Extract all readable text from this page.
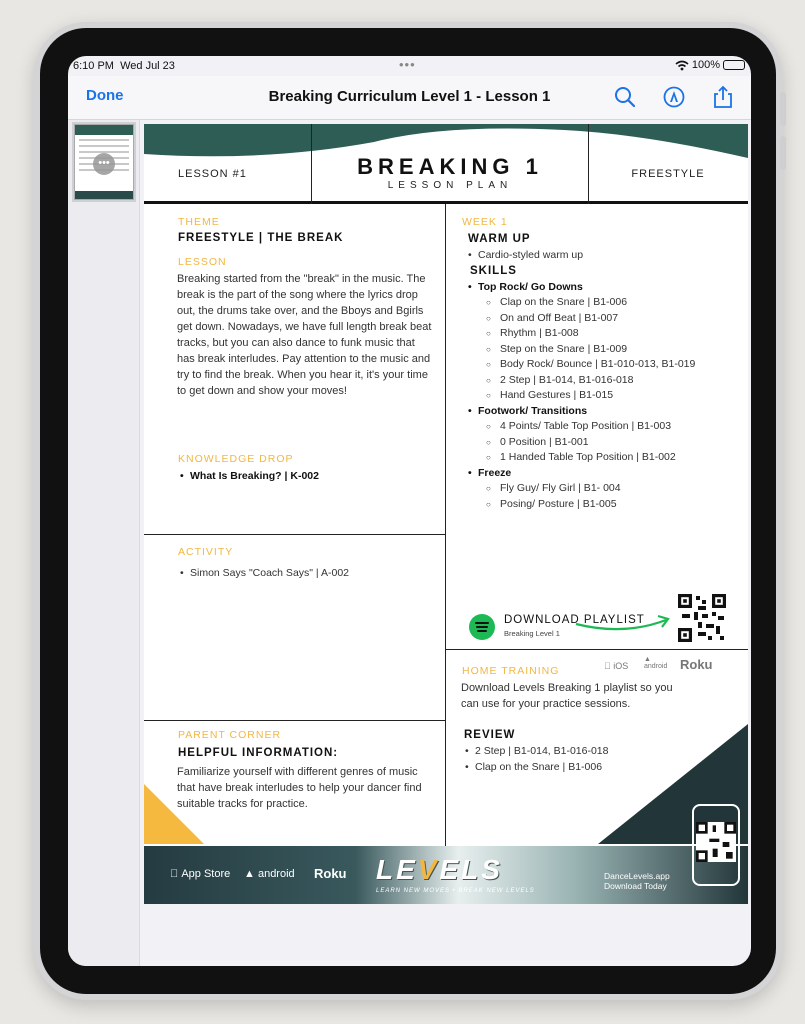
6:10 PM Wed Jul 23	•••	100%
Done	Breaking Curriculum Level 1 - Lesson 1
•••
LESSON #1	BREAKING 1
LESSON PLAN
FREESTYLE
THEME
FREESTYLE | THE BREAK
LESSON
Breaking started from the "break" in the music. The break is the part of the song where the lyrics drop out, the drums take over, and the Bboys and Bgirls get down. Nowadays, we have full length break beat tracks, but you can also dance to funk music that has break interludes. Pay attention to the music and try to find the break. When you hear it, it's your time to get down and show your moves!
KNOWLEDGE DROP
• What Is Breaking? | K-002
ACTIVITY
• Simon Says "Coach Says" | A-002
PARENT CORNER
HELPFUL INFORMATION:
Familiarize yourself with different genres of music that have break interludes to help your dancer find suitable tracks for practice.
WEEK 1
WARM UP
• Cardio-styled warm up
SKILLS
• Top Rock/ Go Downs
○ Clap on the Snare | B1-006
○ On and Off Beat | B1-007
○ Rhythm | B1-008
○ Step on the Snare | B1-009
○ Body Rock/ Bounce | B1-010-013, B1-019
○ 2 Step | B1-014, B1-016-018
○ Hand Gestures | B1-015
• Footwork/ Transitions
○ 4 Points/ Table Top Position | B1-003
○ 0 Position | B1-001
○ 1 Handed Table Top Position | B1-002
• Freeze
○ Fly Guy/ Fly Girl | B1- 004
○ Posing/ Posture | B1-005
DOWNLOAD PLAYLIST
Breaking Level 1
HOME TRAINING	iOS
▲
android Roku
Download Levels Breaking 1 playlist so you can use for your practice sessions.
REVIEW
• 2 Step | B1-014, B1-016-018
• Clap on the Snare | B1-006
App Store ▲ android Roku LEVELS
LEARN NEW MOVES • BREAK NEW LEVELS
DanceLevels.app
Download Today
